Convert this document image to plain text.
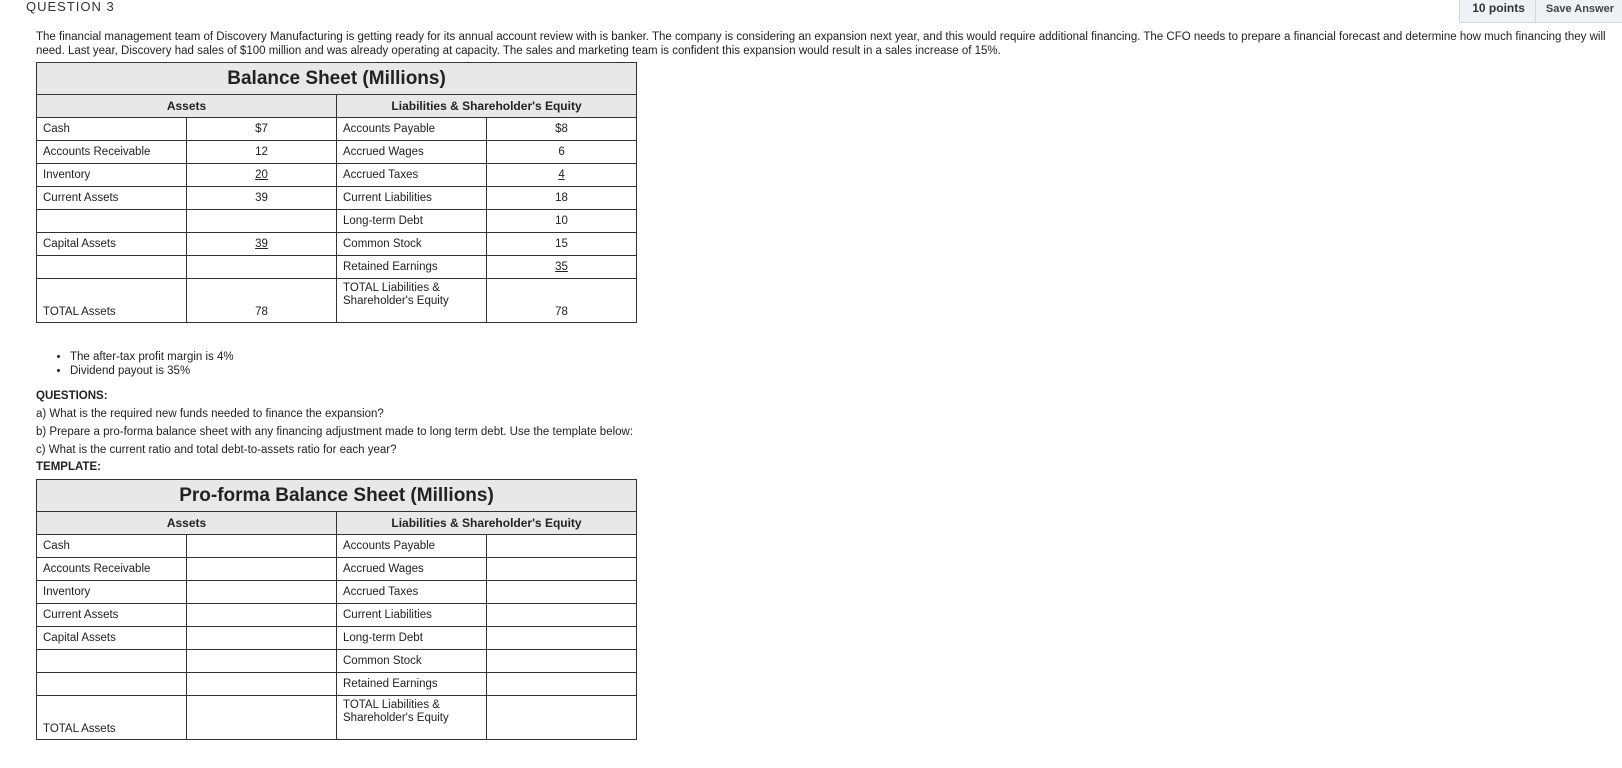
QUESTION 3	10 points	Save Answer
The financial management team of Discovery Manufacturing is getting ready for its annual account review with is banker. The company is considering an expansion next year, and this would require additional financing. The CFO needs to prepare a financial forecast and determine how much financing they will need. Last year, Discovery had sales of $100 million and was already operating at capacity. The sales and marketing team is confident this expansion would result in a sales increase of 15%.
Balance Sheet (Millions)			
Assets		Liabilities & Shareholder's Equity	
Cash	$7	Accounts Payable	$8
Accounts Receivable	12	Accrued Wages	6
Inventory	20	Accrued Taxes	4
Current Assets	39	Current Liabilities	18
		Long-term Debt	10
Capital Assets	39	Common Stock	15
		Retained Earnings	35
TOTAL Assets	78	TOTAL Liabilities & Shareholder's Equity	78
• The after-tax profit margin is 4%
• Dividend payout is 35%
QUESTIONS:
a) What is the required new funds needed to finance the expansion?
b) Prepare a pro-forma balance sheet with any financing adjustment made to long term debt. Use the template below:
c) What is the current ratio and total debt-to-assets ratio for each year?
TEMPLATE:
Pro-forma Balance Sheet (Millions)			
Assets		Liabilities & Shareholder's Equity	
Cash		Accounts Payable	
Accounts Receivable		Accrued Wages	
Inventory		Accrued Taxes	
Current Assets		Current Liabilities	
Capital Assets		Long-term Debt	
		Common Stock	
		Retained Earnings	
TOTAL Assets		TOTAL Liabilities & Shareholder's Equity	
